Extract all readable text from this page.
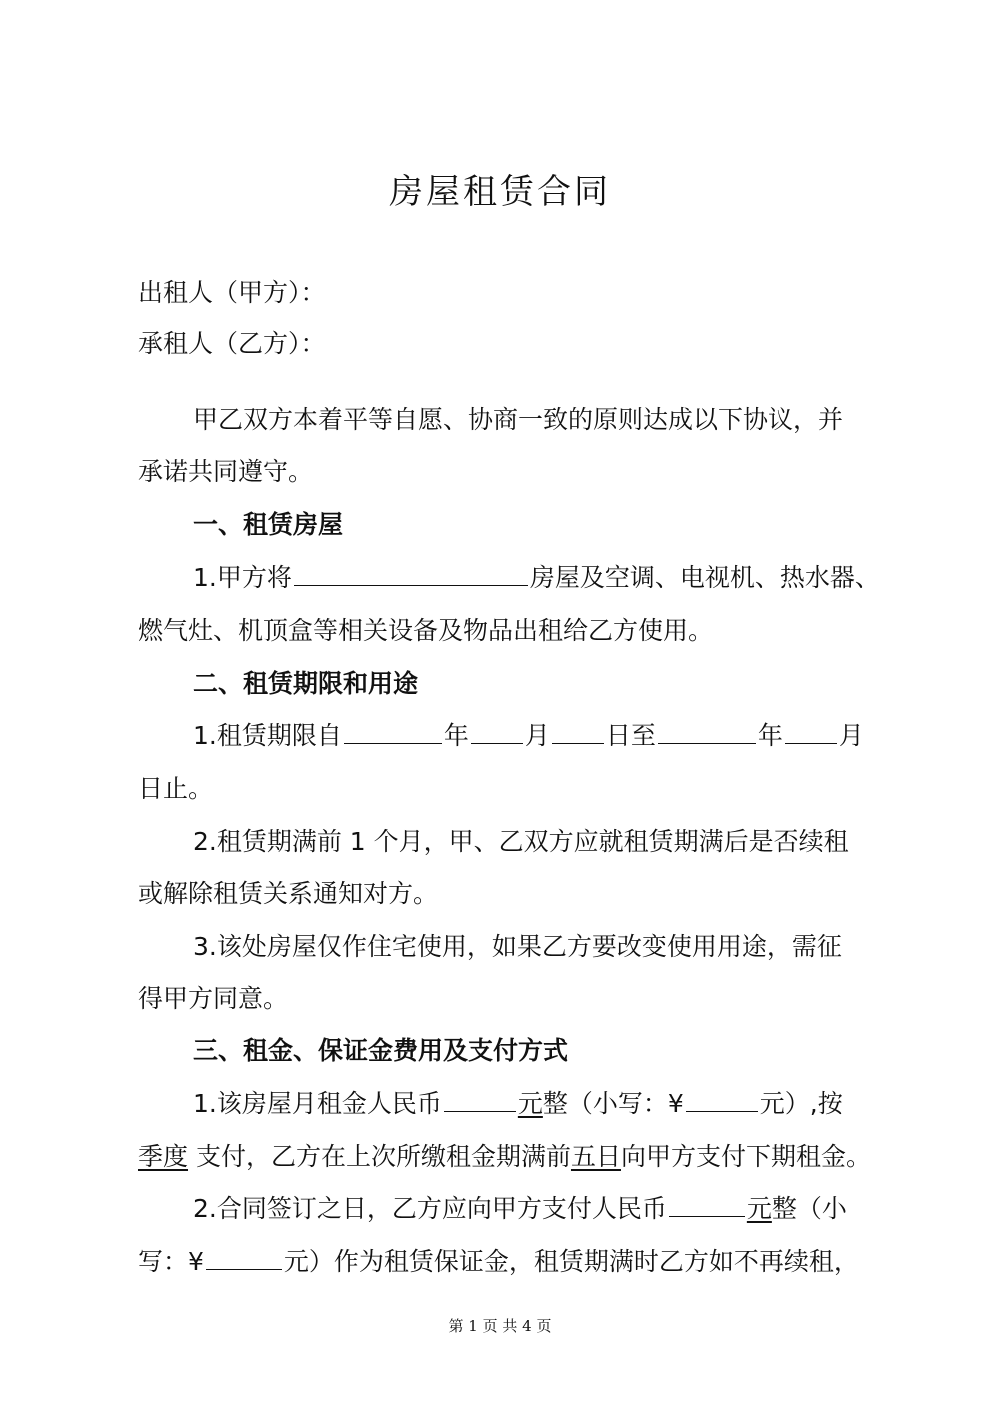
房屋租赁合同
出租人（甲方）：
承租人（乙方）：
甲乙双方本着平等自愿、协商一致的原则达成以下协议，并
承诺共同遵守。
一、租赁房屋
1.甲方将	房屋及空调、电视机、热水器、
燃气灶、机顶盒等相关设备及物品出租给乙方使用。
二、租赁期限和用途
1.租赁期限自	年 月 日至	年 月
日止。
2.租赁期满前 1 个月，甲、乙双方应就租赁期满后是否续租
或解除租赁关系通知对方。
3.该处房屋仅作住宅使用，如果乙方要改变使用用途，需征
得甲方同意。
三、租金、保证金费用及支付方式
1.该房屋月租金人民币	元整（小写：¥	元）,按
季度 支付，乙方在上次所缴租金期满前五日向甲方支付下期租金。
2.合同签订之日，乙方应向甲方支付人民币	元整（小
写：¥	元）作为租赁保证金，租赁期满时乙方如不再续租，
第 1 页 共 4 页
